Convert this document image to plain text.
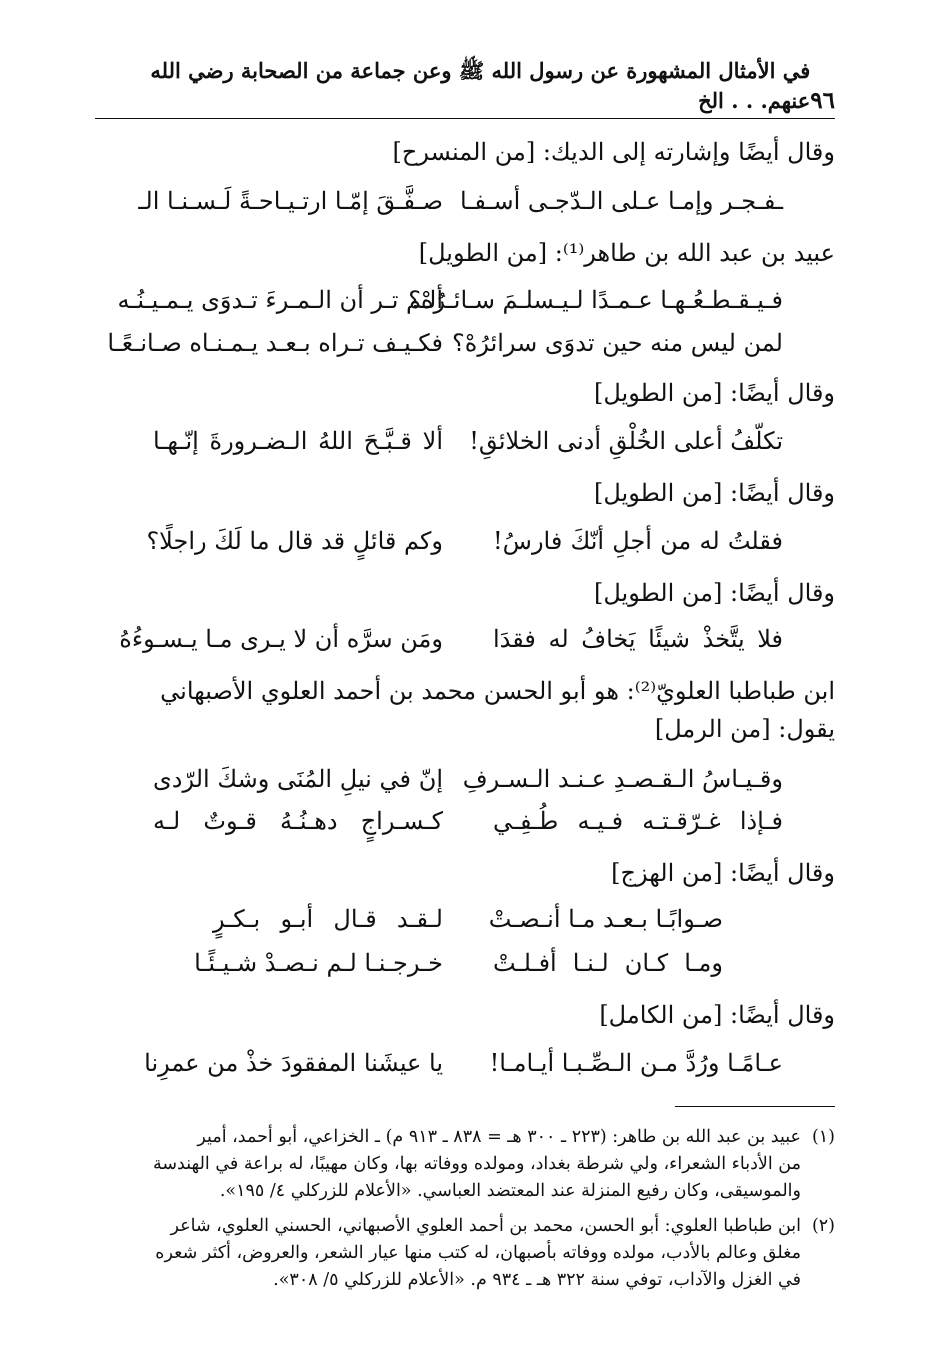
٩٦
في الأمثال المشهورة عن رسول الله ﷺ وعن جماعة من الصحابة رضي الله عنهم. . . الخ
وقال أيضًا وإشارته إلى الديك: [من المنسرح]
صـفَّـقَ إمّـا ارتـيـاحـةً لَـسـنـا الـ ـفـجـر وإمـا عـلى الـدّجـى أسـفـا
عبيد بن عبد الله بن طاهر⁽¹⁾: [من الطويل]
ألـم تـر أن الـمـرءَ تـدوَى يـمـيـنُـه
فـيـقـطـعُـهـا عـمـدًا لـيـسلـمَ سـائـرُهْ؟
فكـيـف تـراه بـعـد يـمـنـاه صـانـعًـا لمن ليس منه حين تدوَى سرائرُهْ؟
وقال أيضًا: [من الطويل]
ألا قـبَّـحَ اللهُ الـضـرورةَ إنّـهـا تكلّفُ أعلى الخُلْقِ أدنى الخلائقِ!
وقال أيضًا: [من الطويل]
وكم قائلٍ قد قال ما لَكَ راجلًا؟ فقلتُ له من أجلِ أنّكَ فارسُ!
وقال أيضًا: [من الطويل]
ومَن سرَّه أن لا يـرى مـا يـسـوءُهُ فلا يتَّخذْ شيئًا يَخافُ له فقدَا
ابن طباطبا العلويّ⁽²⁾: هو أبو الحسن محمد بن أحمد العلوي الأصبهاني
يقول: [من الرمل]
إنّ في نيلِ المُنَى وشكَ الرّدى وقـيـاسُ الـقـصـدِ عـنـد الـسـرفِ
كـسـراجٍ دهـنُـهُ قـوتٌ لـه فـإذا غـرّقـتـه فـيـه طُـفِـي
وقال أيضًا: [من الهزج]
صـوابًـا بـعـد مـا أنـصـتْ
لـقـد قـال أبـو بـكـرٍ
ومـا كـان لـنـا أفـلـتْ
خـرجـنـا لـم نـصـدْ شـيـئًـا
وقال أيضًا: [من الكامل]
يا عيشَنا المفقودَ خذْ من عمرِنا عـامًـا ورُدَّ مـن الـصِّـبـا أيـامـا!
(١)عبيد بن عبد الله بن طاهر: (٢٢٣ ـ ٣٠٠ هـ = ٨٣٨ ـ ٩١٣ م) ـ الخزاعي، أبو أحمد، أمير
من الأدباء الشعراء، ولي شرطة بغداد، ومولده ووفاته بها، وكان مهيبًا، له براعة في الهندسة
والموسيقى، وكان رفيع المنزلة عند المعتضد العباسي. «الأعلام للزركلي ٤/ ١٩٥».
(٢)ابن طباطبا العلوي: أبو الحسن، محمد بن أحمد العلوي الأصبهاني، الحسني العلوي، شاعر
مغلق وعالم بالأدب، مولده ووفاته بأصبهان، له كتب منها عيار الشعر، والعروض، أكثر شعره
في الغزل والآداب، توفي سنة ٣٢٢ هـ ـ ٩٣٤ م. «الأعلام للزركلي ٥/ ٣٠٨».
